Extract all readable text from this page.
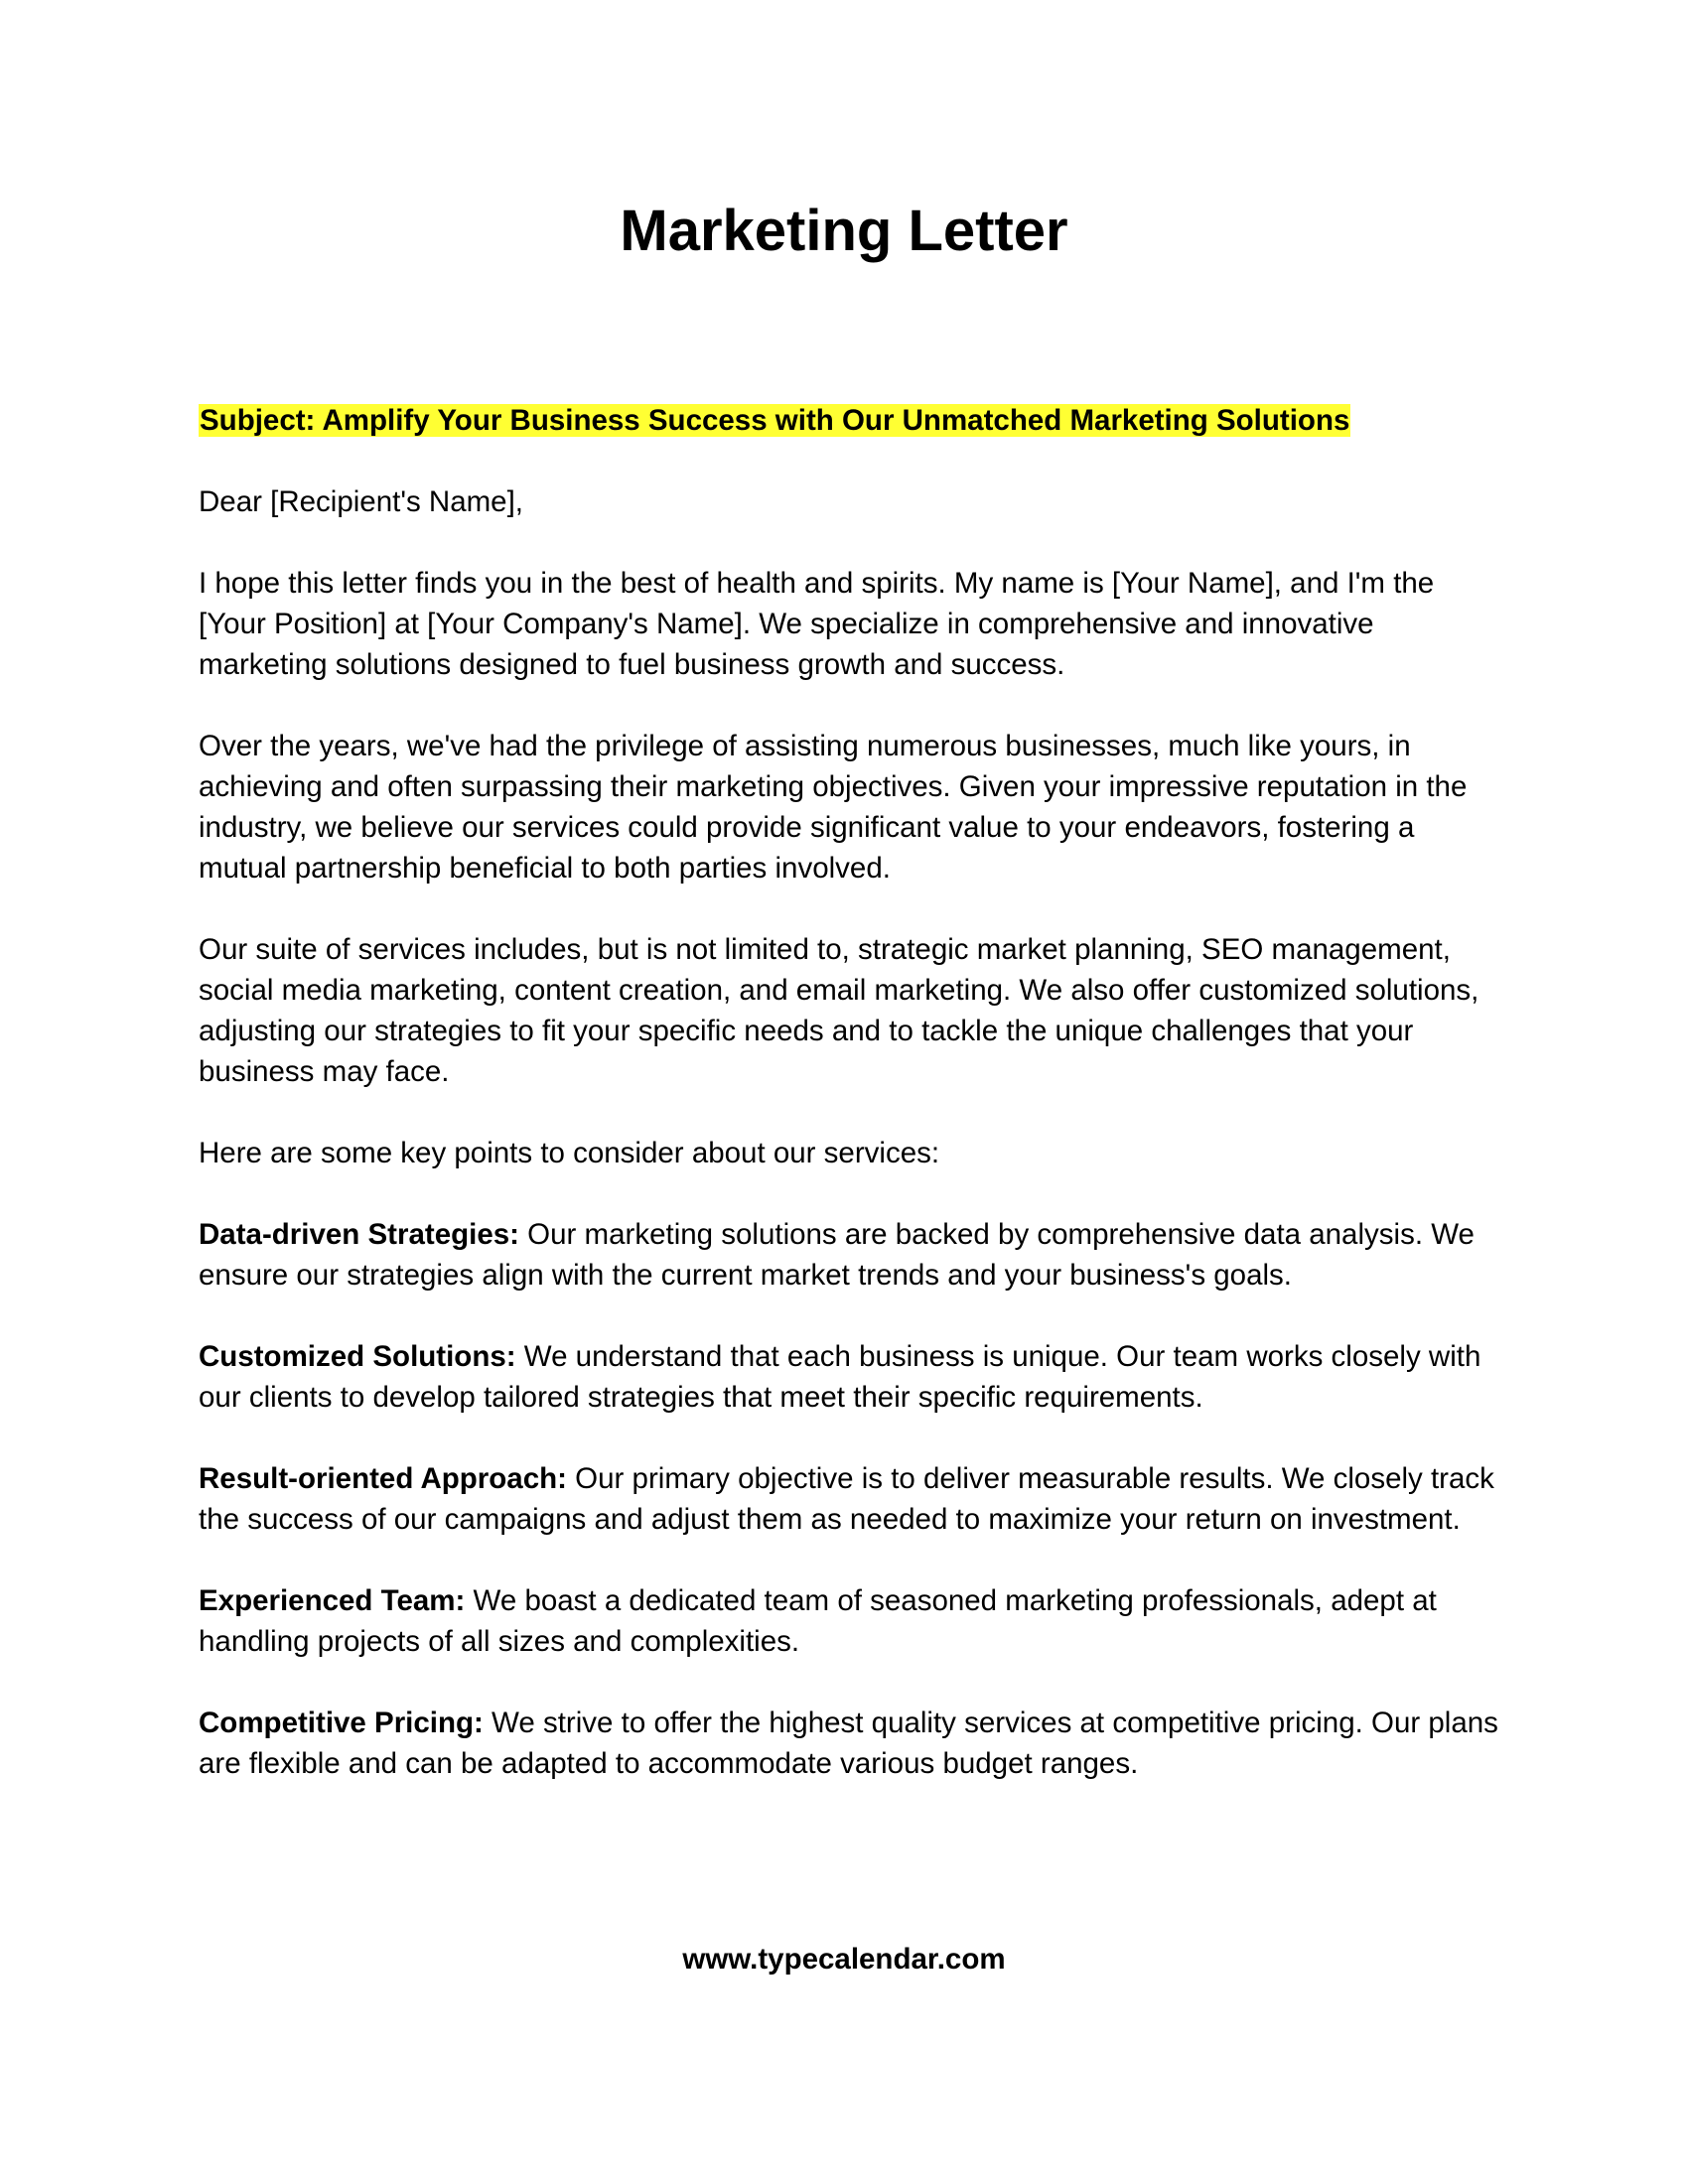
Marketing Letter

Subject: Amplify Your Business Success with Our Unmatched Marketing Solutions

Dear [Recipient's Name],

I hope this letter finds you in the best of health and spirits. My name is [Your Name], and I'm the [Your Position] at [Your Company's Name]. We specialize in comprehensive and innovative marketing solutions designed to fuel business growth and success.

Over the years, we've had the privilege of assisting numerous businesses, much like yours, in achieving and often surpassing their marketing objectives. Given your impressive reputation in the industry, we believe our services could provide significant value to your endeavors, fostering a mutual partnership beneficial to both parties involved.

Our suite of services includes, but is not limited to, strategic market planning, SEO management, social media marketing, content creation, and email marketing. We also offer customized solutions, adjusting our strategies to fit your specific needs and to tackle the unique challenges that your business may face.

Here are some key points to consider about our services:

Data-driven Strategies: Our marketing solutions are backed by comprehensive data analysis. We ensure our strategies align with the current market trends and your business's goals.

Customized Solutions: We understand that each business is unique. Our team works closely with our clients to develop tailored strategies that meet their specific requirements.

Result-oriented Approach: Our primary objective is to deliver measurable results. We closely track the success of our campaigns and adjust them as needed to maximize your return on investment.

Experienced Team: We boast a dedicated team of seasoned marketing professionals, adept at handling projects of all sizes and complexities.

Competitive Pricing: We strive to offer the highest quality services at competitive pricing. Our plans are flexible and can be adapted to accommodate various budget ranges.

www.typecalendar.com
